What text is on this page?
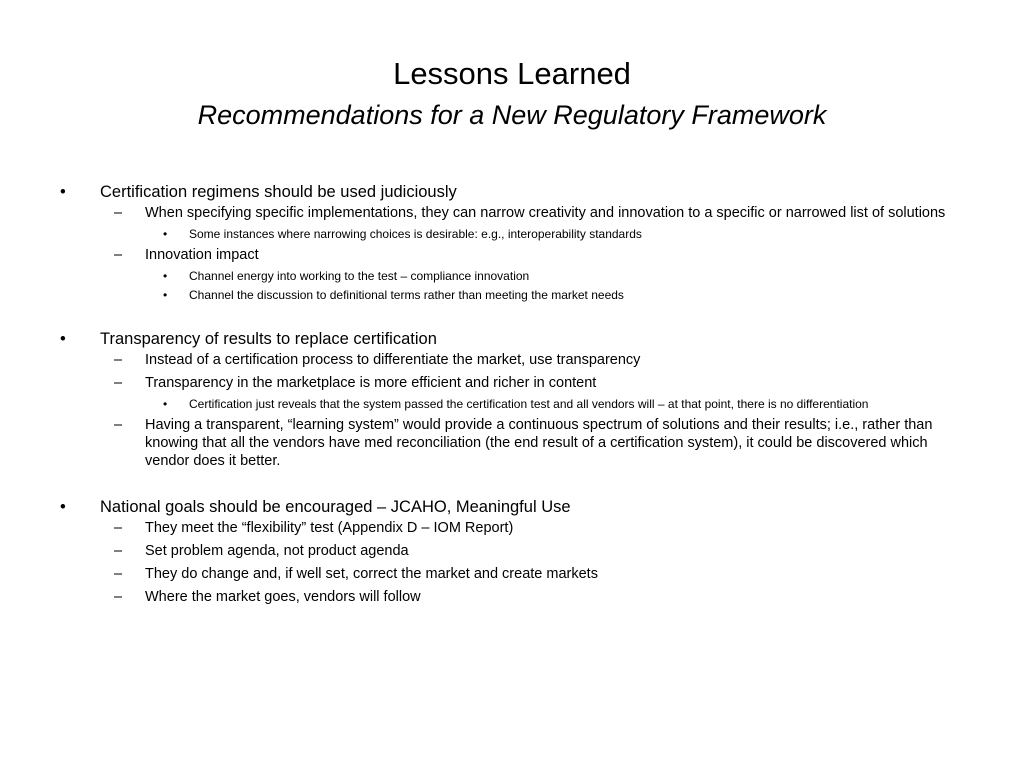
Lessons Learned
Recommendations for a New Regulatory Framework
• Certification regimens should be used judiciously
– When specifying specific implementations, they can narrow creativity and innovation to a specific or narrowed list of solutions
• Some instances where narrowing choices is desirable: e.g., interoperability standards
– Innovation impact
• Channel energy into working to the test – compliance innovation
• Channel the discussion to definitional terms rather than meeting the market needs
• Transparency of results to replace certification
– Instead of a certification process to differentiate the market, use transparency
– Transparency in the marketplace is more efficient and richer in content
• Certification just reveals that the system passed the certification test and all vendors will – at that point, there is no differentiation
– Having a transparent, “learning system” would provide a continuous spectrum of solutions and their results; i.e., rather than knowing that all the vendors have med reconciliation (the end result of a certification system), it could be discovered which vendor does it better.
• National goals should be encouraged – JCAHO, Meaningful Use
– They meet the “flexibility” test (Appendix D – IOM Report)
– Set problem agenda, not product agenda
– They do change and, if well set, correct the market and create markets
– Where the market goes, vendors will follow
